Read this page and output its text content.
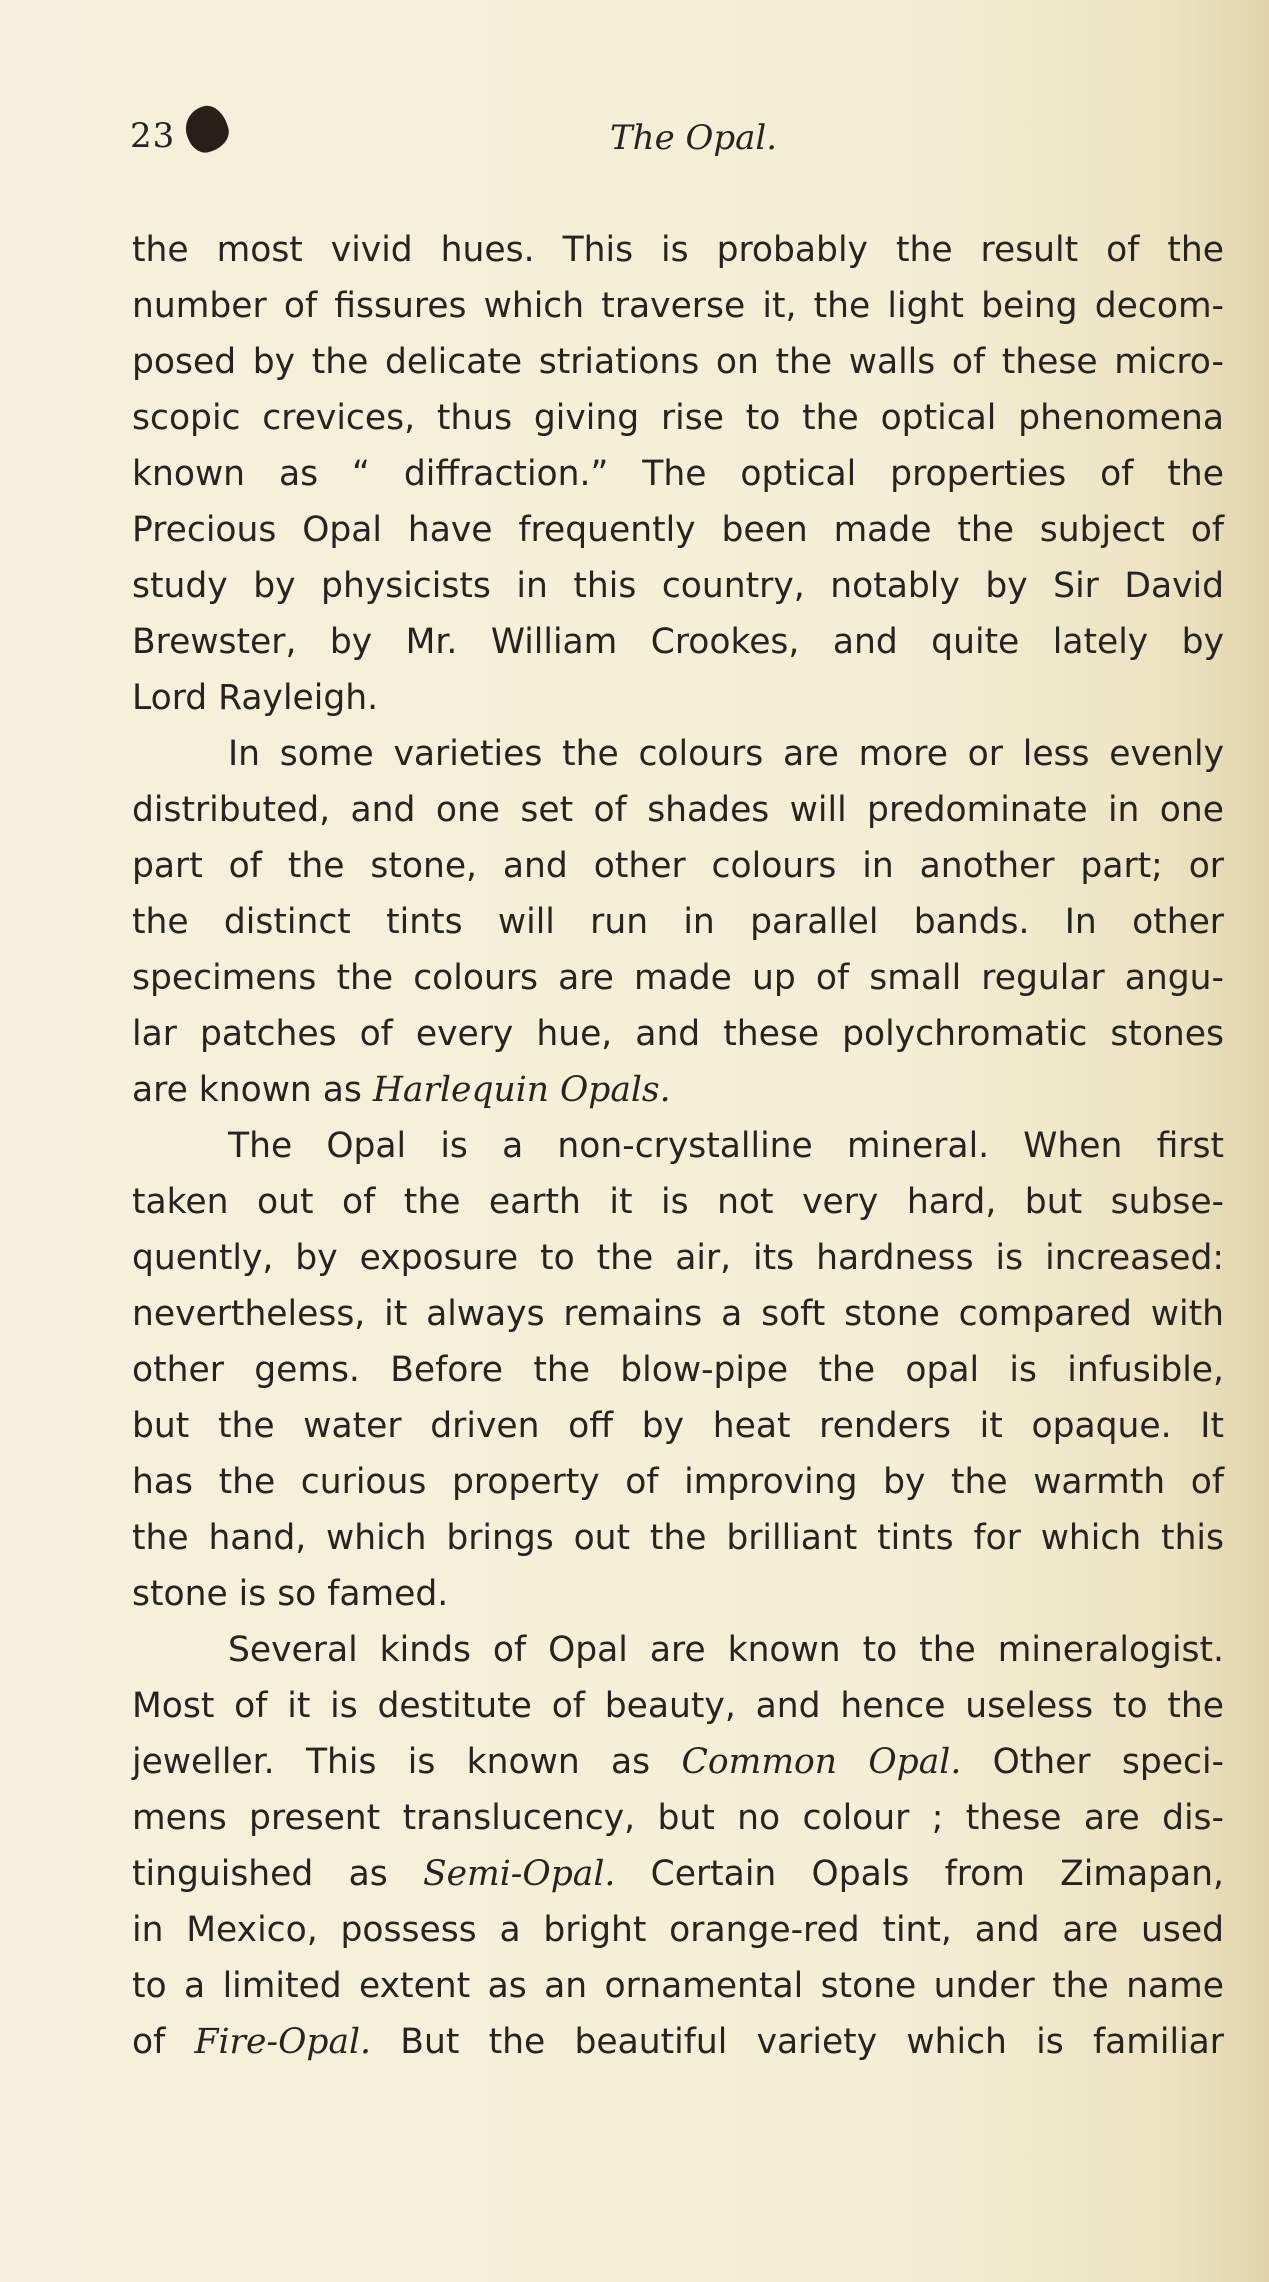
23	The Opal.
the most vivid hues. This is probably the result of the
number of fissures which traverse it, the light being decom-
posed by the delicate striations on the walls of these micro-
scopic crevices, thus giving rise to the optical phenomena
known as “ diffraction.” The optical properties of the
Precious Opal have frequently been made the subject of
study by physicists in this country, notably by Sir David
Brewster, by Mr. William Crookes, and quite lately by
Lord Rayleigh.
In some varieties the colours are more or less evenly
distributed, and one set of shades will predominate in one
part of the stone, and other colours in another part; or
the distinct tints will run in parallel bands. In other
specimens the colours are made up of small regular angu-
lar patches of every hue, and these polychromatic stones
are known as Harlequin Opals.
The Opal is a non-crystalline mineral. When first
taken out of the earth it is not very hard, but subse-
quently, by exposure to the air, its hardness is increased:
nevertheless, it always remains a soft stone compared with
other gems. Before the blow-pipe the opal is infusible,
but the water driven off by heat renders it opaque. It
has the curious property of improving by the warmth of
the hand, which brings out the brilliant tints for which this
stone is so famed.
Several kinds of Opal are known to the mineralogist.
Most of it is destitute of beauty, and hence useless to the
jeweller. This is known as Common Opal. Other speci-
mens present translucency, but no colour ; these are dis-
tinguished as Semi-Opal. Certain Opals from Zimapan,
in Mexico, possess a bright orange-red tint, and are used
to a limited extent as an ornamental stone under the name
of Fire-Opal. But the beautiful variety which is familiar
